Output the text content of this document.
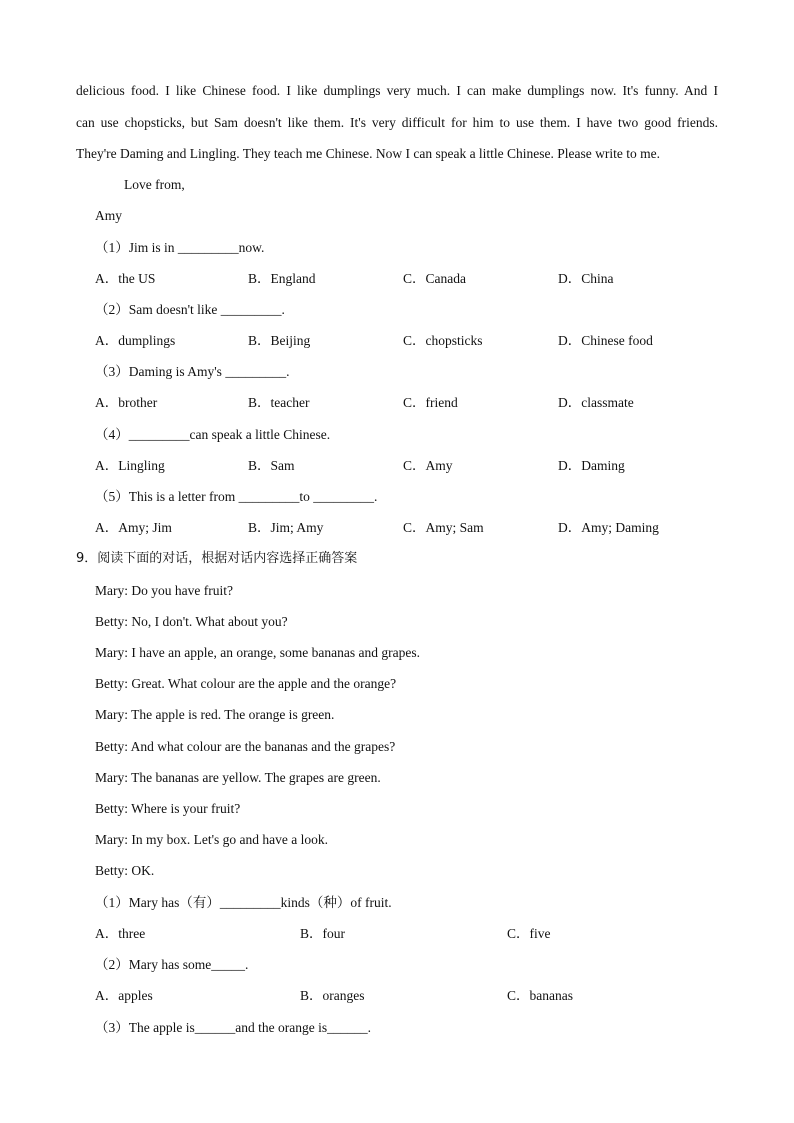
delicious food. I like Chinese food. I like dumplings very much. I can make dumplings now. It's funny. And I
can use chopsticks, but Sam doesn't like them. It's very difficult for him to use them. I have two good friends.
They're Daming and Lingling. They teach me Chinese. Now I can speak a little Chinese. Please write to me.
Love from,
Amy
（1）Jim is in _________now.
A．the US	B．England	C．Canada	D．China
（2）Sam doesn't like _________.
A．dumplings	B．Beijing	C．chopsticks	D．Chinese food
（3）Daming is Amy's _________.
A．brother	B．teacher	C．friend	D．classmate
（4）_________can speak a little Chinese.
A．Lingling	B．Sam	C．Amy	D．Daming
（5）This is a letter from _________to _________.
A．Amy; Jim	B．Jim; Amy	C．Amy; Sam	D．Amy; Daming
9．阅读下面的对话，根据对话内容选择正确答案
Mary: Do you have fruit?
Betty: No, I don't. What about you?
Mary: I have an apple, an orange, some bananas and grapes.
Betty: Great. What colour are the apple and the orange?
Mary: The apple is red. The orange is green.
Betty: And what colour are the bananas and the grapes?
Mary: The bananas are yellow. The grapes are green.
Betty: Where is your fruit?
Mary: In my box. Let's go and have a look.
Betty: OK.
（1）Mary has（有）_________kinds（种）of fruit.
A．three	B．four	C．five
（2）Mary has some_____.
A．apples	B．oranges	C．bananas
（3）The apple is______and the orange is______.
